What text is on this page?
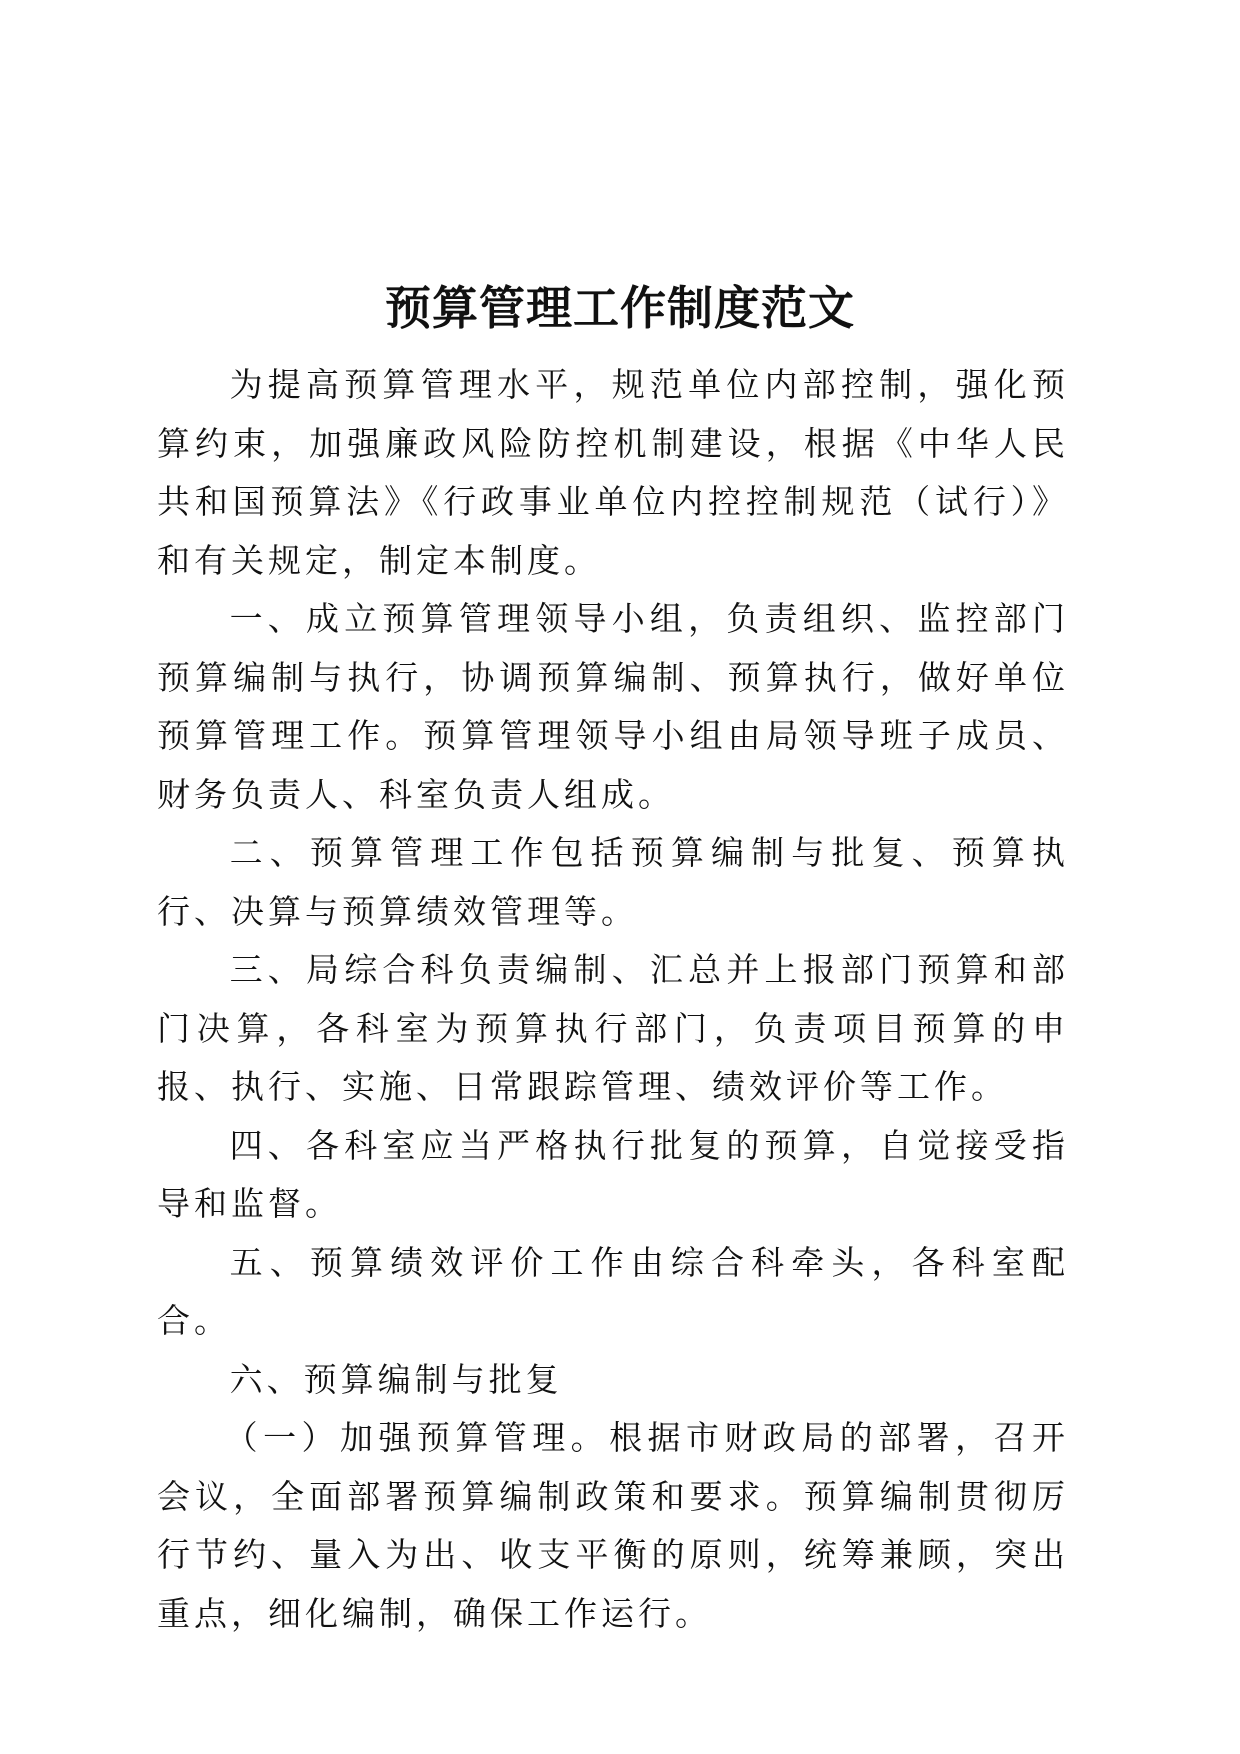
预算管理工作制度范文

为提高预算管理水平，规范单位内部控制，强化预算约束，加强廉政风险防控机制建设，根据《中华人民共和国预算法》《行政事业单位内控控制规范（试行）》和有关规定，制定本制度。

一、成立预算管理领导小组，负责组织、监控部门预算编制与执行，协调预算编制、预算执行，做好单位预算管理工作。预算管理领导小组由局领导班子成员、财务负责人、科室负责人组成。

二、预算管理工作包括预算编制与批复、预算执行、决算与预算绩效管理等。

三、局综合科负责编制、汇总并上报部门预算和部门决算，各科室为预算执行部门，负责项目预算的申报、执行、实施、日常跟踪管理、绩效评价等工作。

四、各科室应当严格执行批复的预算，自觉接受指导和监督。

五、预算绩效评价工作由综合科牵头，各科室配合。

六、预算编制与批复

（一）加强预算管理。根据市财政局的部署，召开会议，全面部署预算编制政策和要求。预算编制贯彻厉行节约、量入为出、收支平衡的原则，统筹兼顾，突出重点，细化编制，确保工作运行。
